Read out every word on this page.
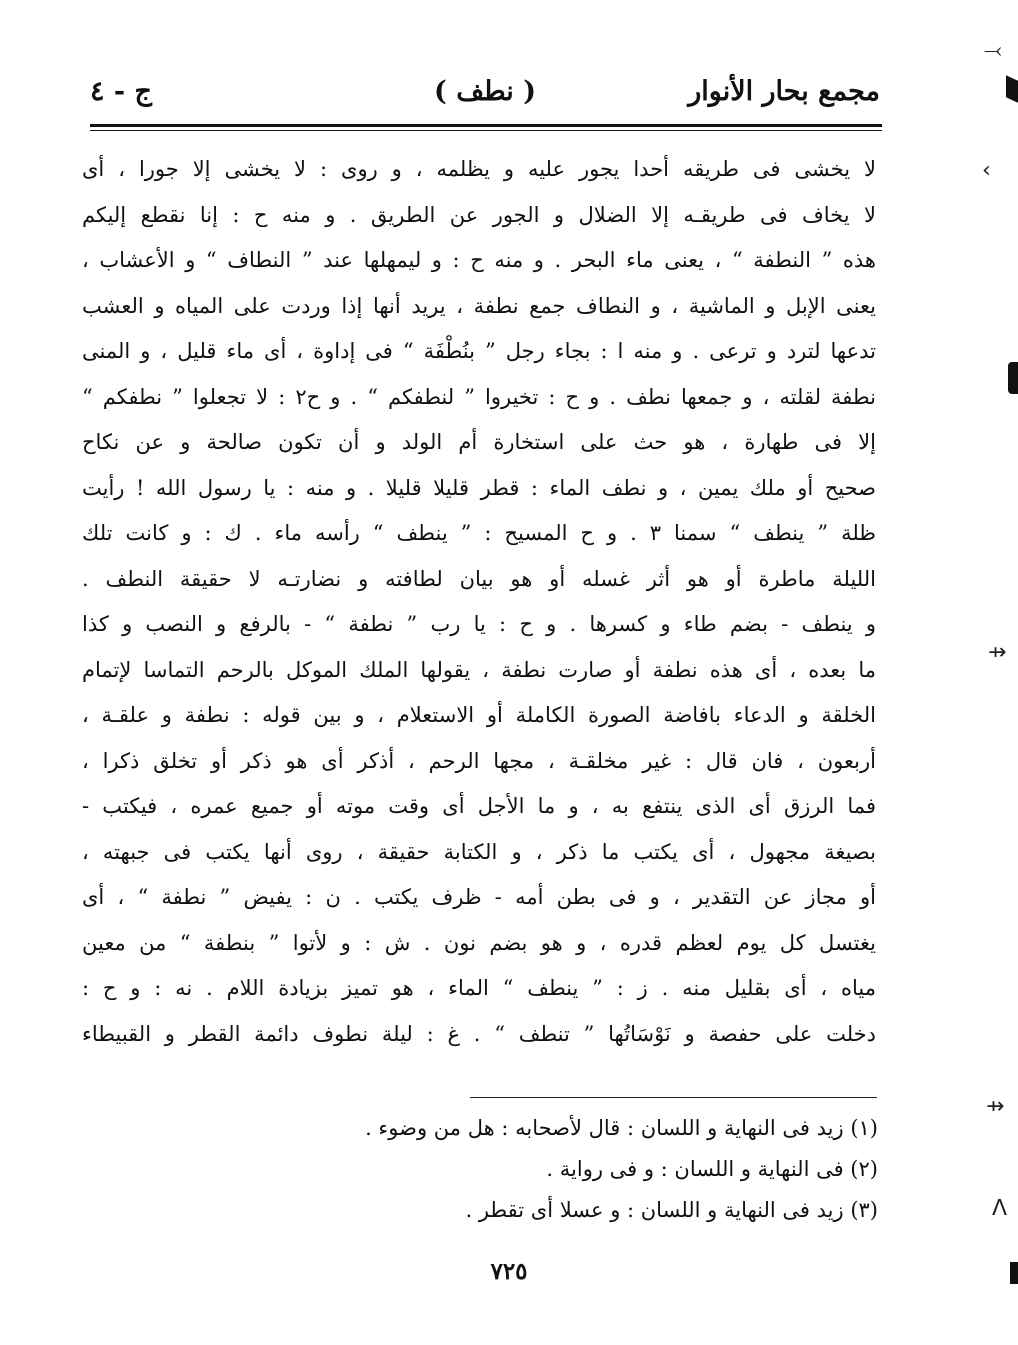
مجمع بحار الأنوار
( نطف )
ج - ٤
لا يخشى فى طريقه أحدا يجور عليه و يظلمه ، و روى : لا يخشى إلا جورا ، أى
لا يخاف فى طريقـه إلا الضلال و الجور عن الطريق . و منه ح : إنا نقطع إليكم
هذه ” النطفة “ ، يعنى ماء البحر . و منه ح : و ليمهلها عند ” النطاف “ و الأعشاب ،
يعنى الإبل و الماشية ، و النطاف جمع نطفة ، يريد أنها إذا وردت على المياه و العشب
تدعها لترد و ترعى . و منه ا : بجاء رجل ” بنُطْفَة “ فى إداوة ، أى ماء قليل ، و المنى
نطفة لقلته ، و جمعها نطف . و ح : تخيروا ” لنطفكم “ . و ح٢ : لا تجعلوا ” نطفكم “
إلا فى طهارة ، هو حث على استخارة أم الولد و أن تكون صالحة و عن نكاح
صحيح أو ملك يمين ، و نطف الماء : قطر قليلا قليلا . و منه : يا رسول الله ! رأيت
ظلة ” ينطف “ سمنا ٣ . و ح المسيح : ” ينطف “ رأسه ماء . ك : و كانت تلك
الليلة ماطرة أو هو أثر غسله أو هو بيان لطافته و نضارتـه لا حقيقة النطف .
و ينطف - بضم طاء و كسرها . و ح : يا رب ” نطفة “ - بالرفع و النصب و كذا
ما بعده ، أى هذه نطفة أو صارت نطفة ، يقولها الملك الموكل بالرحم التماسا لإتمام
الخلقة و الدعاء بافاضة الصورة الكاملة أو الاستعلام ، و بين قوله : نطفة و علقـة ،
أربعون ، فان قال : غير مخلقـة ، مجها الرحم ، أذكر أى هو ذكر أو تخلق ذكرا ،
فما الرزق أى الذى ينتفع به ، و ما الأجل أى وقت موته أو جميع عمره ، فيكتب -
بصيغة مجهول ، أى يكتب ما ذكر ، و الكتابة حقيقة ، روى أنها يكتب فى جبهته ،
أو مجاز عن التقدير ، و فى بطن أمه - ظرف يكتب . ن : يفيض ” نطفة “ ، أى
يغتسل كل يوم لعظم قدره ، و هو بضم نون . ش : و لأتوا ” بنطفة “ من معين
مياه ، أى بقليل منه . ز : ” ينطف “ الماء ، هو تميز بزيادة اللام . نه : و ح :
دخلت على حفصة و نَوْسَاتُها ” تنطف “ . غ : ليلة نطوف دائمة القطر و القبيطاء
(١) زيد فى النهاية و اللسان : قال لأصحابه : هل من وضوء .
(٢) فى النهاية و اللسان : و فى رواية .
(٣) زيد فى النهاية و اللسان : و عسلا أى تقطر .
٧٢٥
⤙
‹
⇸
⇸
ᐱ
